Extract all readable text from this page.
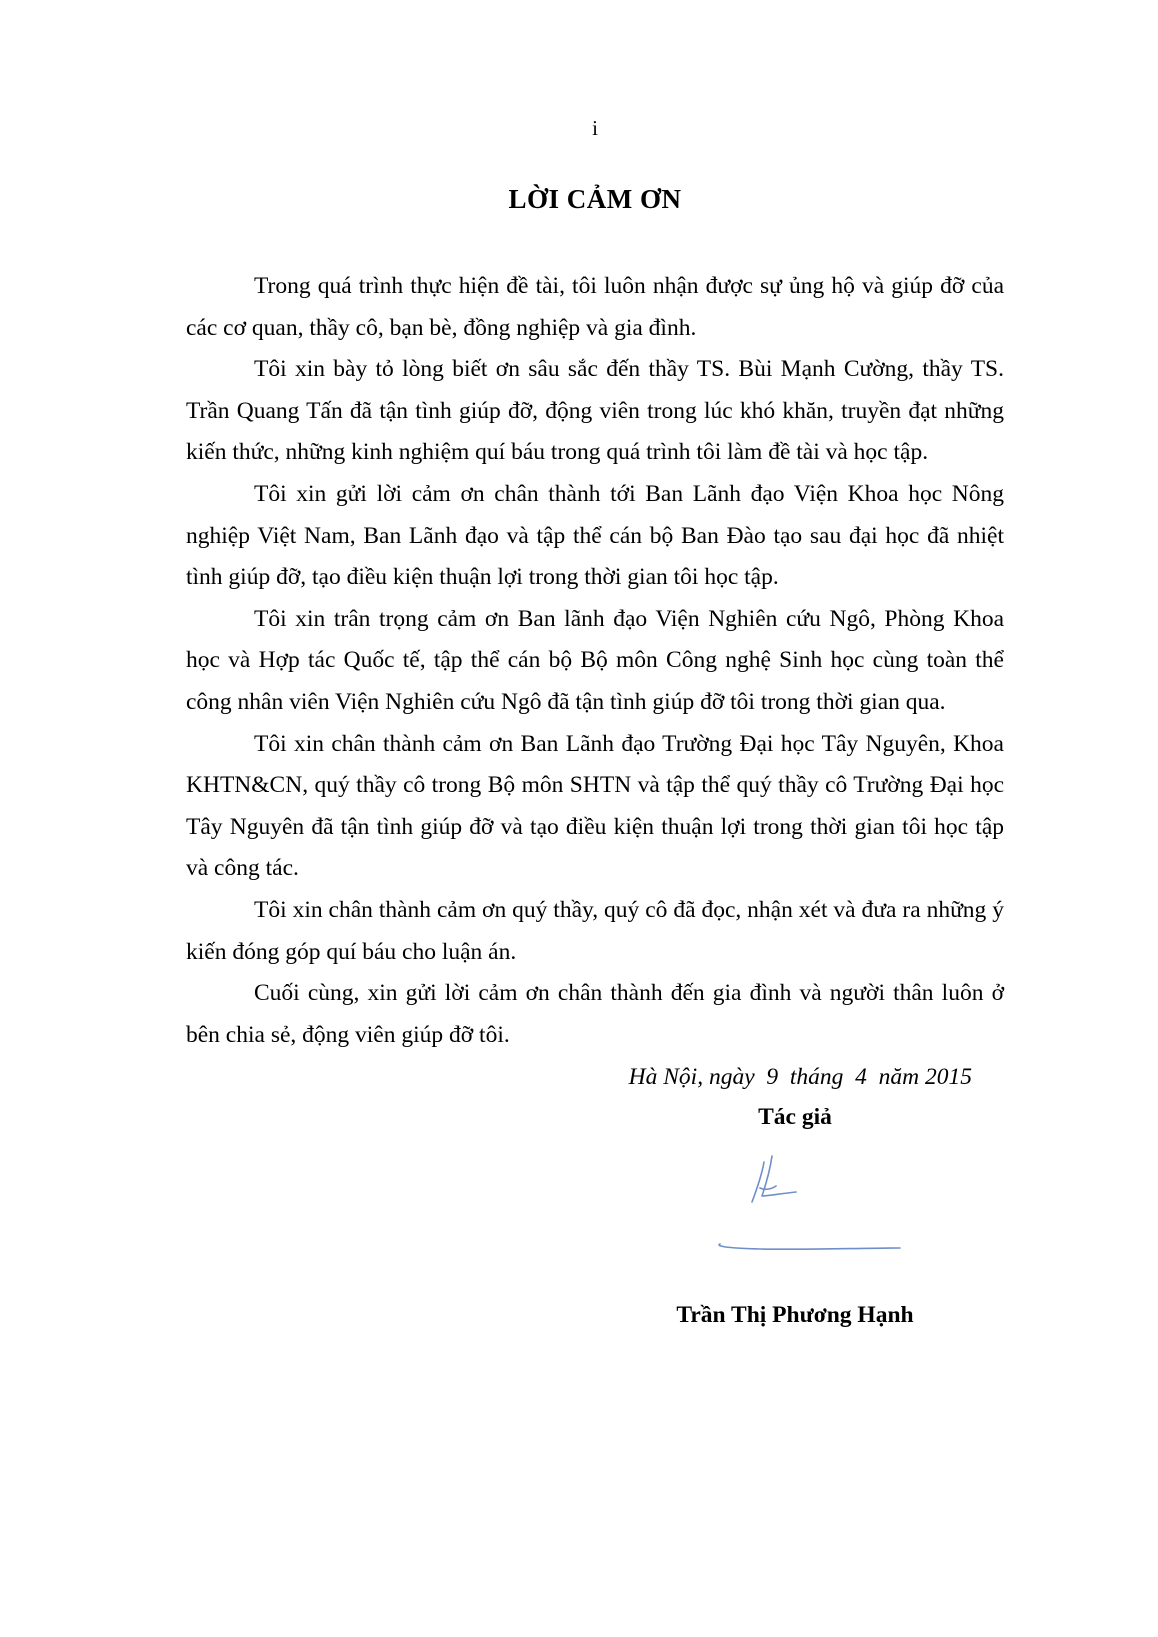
i
LỜI CẢM ƠN

Trong quá trình thực hiện đề tài, tôi luôn nhận được sự ủng hộ và giúp đỡ của các cơ quan, thầy cô, bạn bè, đồng nghiệp và gia đình.

Tôi xin bày tỏ lòng biết ơn sâu sắc đến thầy TS. Bùi Mạnh Cường, thầy TS. Trần Quang Tấn đã tận tình giúp đỡ, động viên trong lúc khó khăn, truyền đạt những kiến thức, những kinh nghiệm quí báu trong quá trình tôi làm đề tài và học tập.

Tôi xin gửi lời cảm ơn chân thành tới Ban Lãnh đạo Viện Khoa học Nông nghiệp Việt Nam, Ban Lãnh đạo và tập thể cán bộ Ban Đào tạo sau đại học đã nhiệt tình giúp đỡ, tạo điều kiện thuận lợi trong thời gian tôi học tập.

Tôi xin trân trọng cảm ơn Ban lãnh đạo Viện Nghiên cứu Ngô, Phòng Khoa học và Hợp tác Quốc tế, tập thể cán bộ Bộ môn Công nghệ Sinh học cùng toàn thể công nhân viên Viện Nghiên cứu Ngô đã tận tình giúp đỡ tôi trong thời gian qua.

Tôi xin chân thành cảm ơn Ban Lãnh đạo Trường Đại học Tây Nguyên, Khoa KHTN&CN, quý thầy cô trong Bộ môn SHTN và tập thể quý thầy cô Trường Đại học Tây Nguyên đã tận tình giúp đỡ và tạo điều kiện thuận lợi trong thời gian tôi học tập và công tác.

Tôi xin chân thành cảm ơn quý thầy, quý cô đã đọc, nhận xét và đưa ra những ý kiến đóng góp quí báu cho luận án.

Cuối cùng, xin gửi lời cảm ơn chân thành đến gia đình và người thân luôn ở bên chia sẻ, động viên giúp đỡ tôi.

Hà Nội, ngày  9  tháng  4  năm 2015
Tác giả
Trần Thị Phương Hạnh
